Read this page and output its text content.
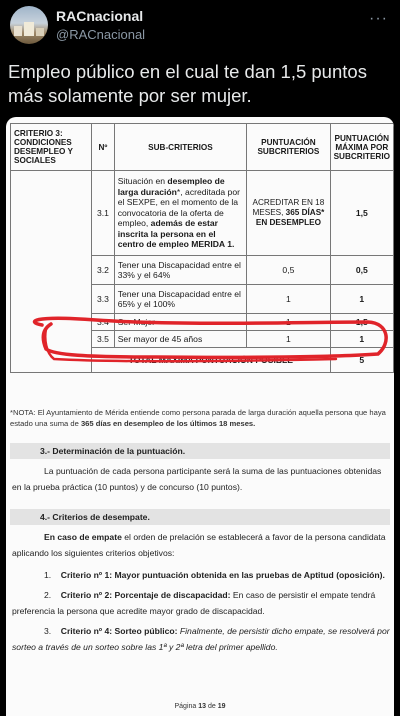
RACnacional
@RACnacional
···
Empleo público en el cual te dan 1,5 puntos más solamente por ser mujer.
CRITERIO 3: CONDICIONES DESEMPLEO Y SOCIALES	Nº	SUB-CRITERIOS	PUNTUACIÓN SUBCRITERIOS	PUNTUACIÓN MÁXIMA POR SUBCRITERIO
	3.1	Situación en desempleo de larga duración*, acreditada por el SEXPE, en el momento de la convocatoria de la oferta de empleo, además de estar inscrita la persona en el centro de empleo MERIDA 1.	ACREDITAR EN 18 MESES, 365 DÍAS* EN DESEMPLEO	1,5
	3.2	Tener una Discapacidad entre el 33% y el 64%	0,5	0,5
	3.3	Tener una Discapacidad entre el 65% y el 100%	1	1
	3.4	Ser Mujer	1	1,5
	3.5	Ser mayor de 45 años	1	1
	TOTAL MÁXIMA PUNTUACIÓN POSIBLE			5
*NOTA: El Ayuntamiento de Mérida entiende como persona parada de larga duración aquella persona que haya estado una suma de 365 días en desempleo de los últimos 18 meses.
3.- Determinación de la puntuación.
La puntuación de cada persona participante será la suma de las puntuaciones obtenidas en la prueba práctica (10 puntos) y de concurso (10 puntos).
4.- Criterios de desempate.
En caso de empate el orden de prelación se establecerá a favor de la persona candidata aplicando los siguientes criterios objetivos:
1. Criterio nº 1: Mayor puntuación obtenida en las pruebas de Aptitud (oposición).
2. Criterio nº 2: Porcentaje de discapacidad: En caso de persistir el empate tendrá preferencia la persona que acredite mayor grado de discapacidad.
3. Criterio nº 4: Sorteo público: Finalmente, de persistir dicho empate, se resolverá por sorteo a través de un sorteo sobre las 1ª y 2ª letra del primer apellido.
Página 13 de 19
